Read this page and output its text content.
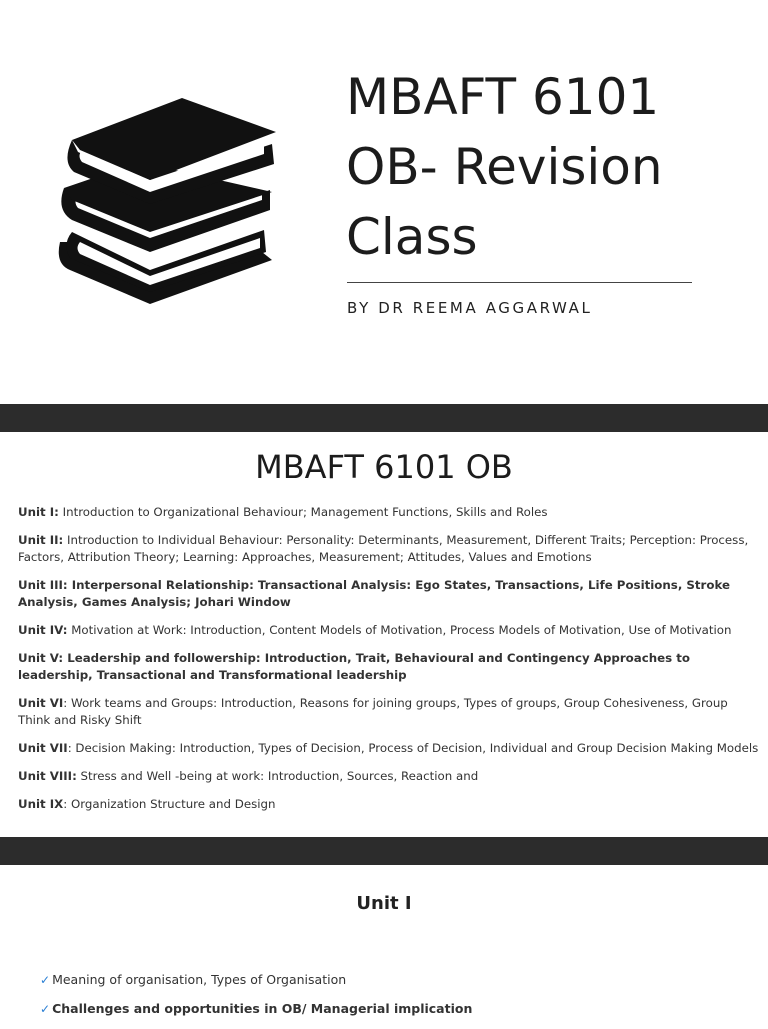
MBAFT 6101
OB- Revision
Class
BY DR REEMA AGGARWAL
MBAFT 6101 OB

Unit I: Introduction to Organizational Behaviour; Management Functions, Skills and Roles

Unit II: Introduction to Individual Behaviour: Personality: Determinants, Measurement, Different Traits; Perception: Process, Factors, Attribution Theory; Learning: Approaches, Measurement; Attitudes, Values and Emotions

Unit III: Interpersonal Relationship: Transactional Analysis: Ego States, Transactions, Life Positions, Stroke Analysis, Games Analysis; Johari Window

Unit IV: Motivation at Work: Introduction, Content Models of Motivation, Process Models of Motivation, Use of Motivation

Unit V: Leadership and followership: Introduction, Trait, Behavioural and Contingency Approaches to leadership, Transactional and Transformational leadership

Unit VI: Work teams and Groups: Introduction, Reasons for joining groups, Types of groups, Group Cohesiveness, Group Think and Risky Shift

Unit VII: Decision Making: Introduction, Types of Decision, Process of Decision, Individual and Group Decision Making Models

Unit VIII: Stress and Well -being at work: Introduction, Sources, Reaction and

Unit IX: Organization Structure and Design

Unit I
✓ Meaning of organisation, Types of Organisation
✓ Challenges and opportunities in OB/ Managerial implication
